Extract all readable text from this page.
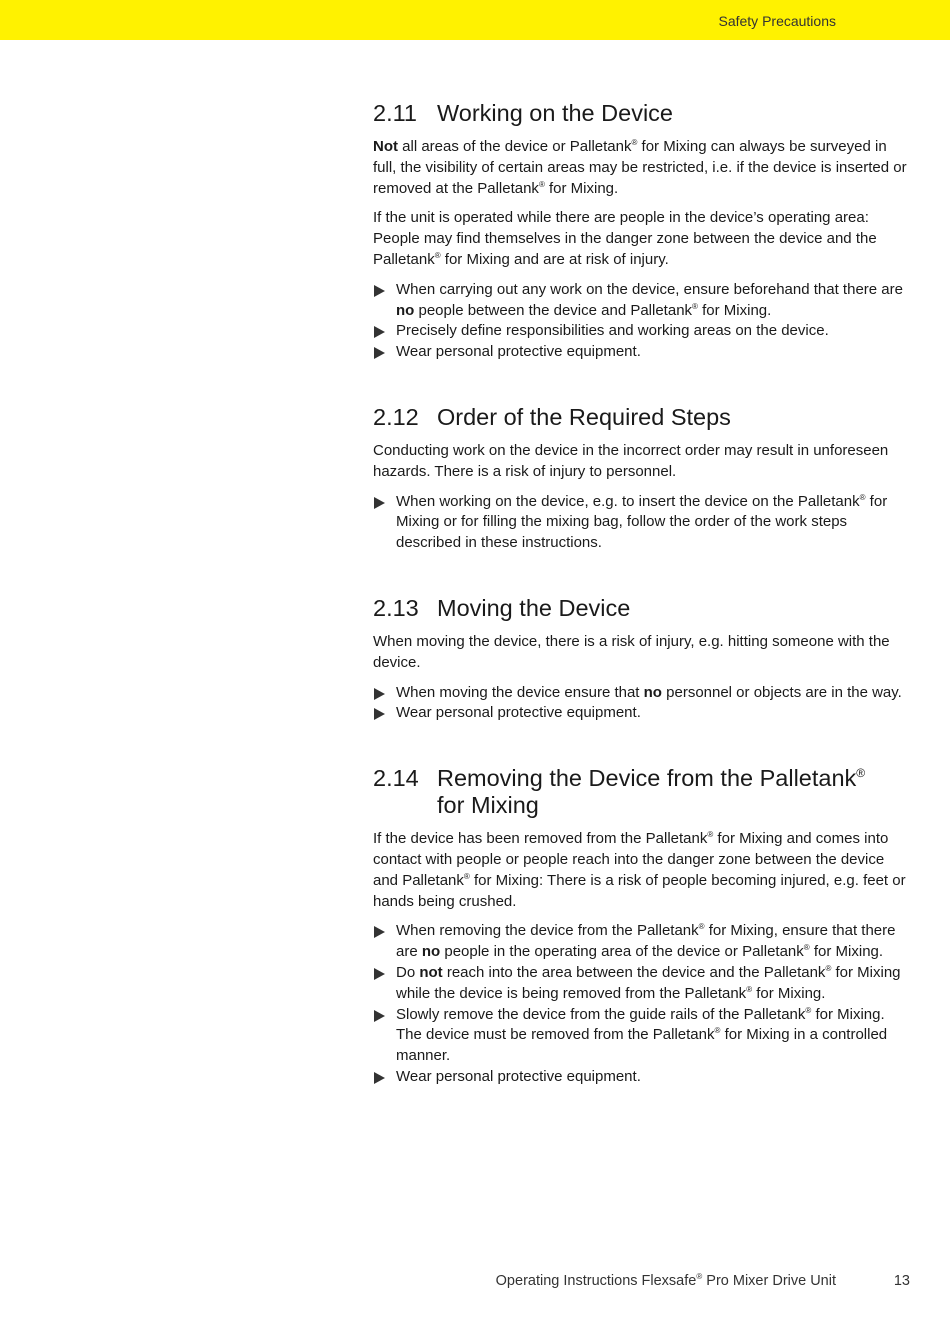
Safety Precautions
2.11 Working on the Device

Not all areas of the device or Palletank® for Mixing can always be surveyed in full, the visibility of certain areas may be restricted, i.e. if the device is inserted or removed at the Palletank® for Mixing.

If the unit is operated while there are people in the device’s operating area: People may find themselves in the danger zone between the device and the Palletank® for Mixing and are at risk of injury.

When carrying out any work on the device, ensure beforehand that there are no people between the device and Palletank® for Mixing.
Precisely define responsibilities and working areas on the device.
Wear personal protective equipment.
2.12 Order of the Required Steps

Conducting work on the device in the incorrect order may result in unforeseen hazards. There is a risk of injury to personnel.

When working on the device, e.g. to insert the device on the Palletank® for Mixing or for filling the mixing bag, follow the order of the work steps described in these instructions.
2.13 Moving the Device

When moving the device, there is a risk of injury, e.g. hitting someone with the device.

When moving the device ensure that no personnel or objects are in the way.
Wear personal protective equipment.
2.14 Removing the Device from the Palletank®
for Mixing

If the device has been removed from the Palletank® for Mixing and comes into contact with people or people reach into the danger zone between the device and Palletank® for Mixing: There is a risk of people becoming injured, e.g. feet or hands being crushed.

When removing the device from the Palletank® for Mixing, ensure that there are no people in the operating area of the device or Palletank® for Mixing.
Do not reach into the area between the device and the Palletank® for Mixing while the device is being removed from the Palletank® for Mixing.
Slowly remove the device from the guide rails of the Palletank® for Mixing. The device must be removed from the Palletank® for Mixing in a controlled manner.
Wear personal protective equipment.
Operating Instructions Flexsafe® Pro Mixer Drive Unit	13
